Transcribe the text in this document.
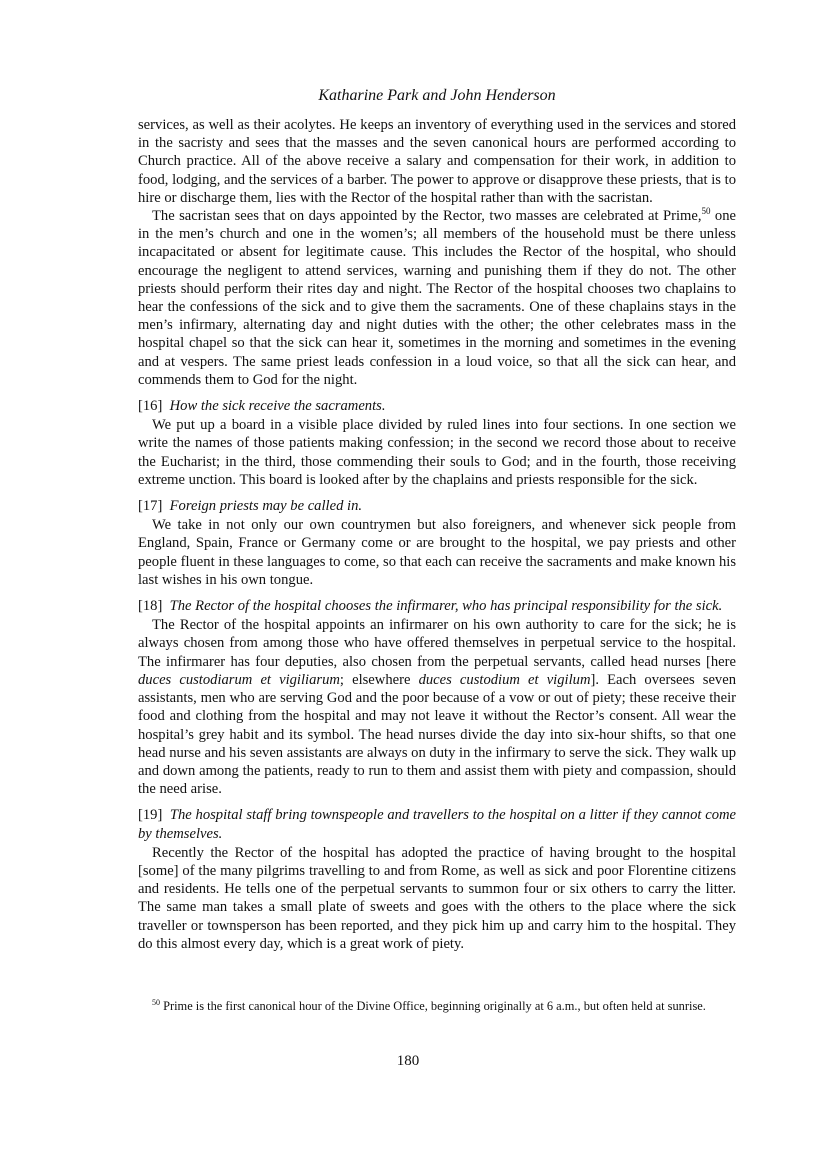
Katharine Park and John Henderson

services, as well as their acolytes. He keeps an inventory of everything used in the services and stored in the sacristy and sees that the masses and the seven canonical hours are performed according to Church practice. All of the above receive a salary and compensation for their work, in addition to food, lodging, and the services of a barber. The power to approve or disapprove these priests, that is to hire or discharge them, lies with the Rector of the hospital rather than with the sacristan.

The sacristan sees that on days appointed by the Rector, two masses are celebrated at Prime,$^{50}$ one in the men’s church and one in the women’s; all members of the household must be there unless incapacitated or absent for legitimate cause. This includes the Rector of the hospital, who should encourage the negligent to attend services, warning and punishing them if they do not. The other priests should perform their rites day and night. The Rector of the hospital chooses two chaplains to hear the confessions of the sick and to give them the sacraments. One of these chaplains stays in the men’s infirmary, alternating day and night duties with the other; the other celebrates mass in the hospital chapel so that the sick can hear it, sometimes in the morning and sometimes in the evening and at vespers. The same priest leads confession in a loud voice, so that all the sick can hear, and commends them to God for the night.

[16] How the sick receive the sacraments.

We put up a board in a visible place divided by ruled lines into four sections. In one section we write the names of those patients making confession; in the second we record those about to receive the Eucharist; in the third, those commending their souls to God; and in the fourth, those receiving extreme unction. This board is looked after by the chaplains and priests responsible for the sick.

[17] Foreign priests may be called in.

We take in not only our own countrymen but also foreigners, and whenever sick people from England, Spain, France or Germany come or are brought to the hospital, we pay priests and other people fluent in these languages to come, so that each can receive the sacraments and make known his last wishes in his own tongue.

[18] The Rector of the hospital chooses the infirmarer, who has principal responsibility for the sick.

The Rector of the hospital appoints an infirmarer on his own authority to care for the sick; he is always chosen from among those who have offered themselves in perpetual service to the hospital. The infirmarer has four deputies, also chosen from the perpetual servants, called head nurses [here duces custodiarum et vigiliarum; elsewhere duces custodium et vigilum]. Each oversees seven assistants, men who are serving God and the poor because of a vow or out of piety; these receive their food and clothing from the hospital and may not leave it without the Rector’s consent. All wear the hospital’s grey habit and its symbol. The head nurses divide the day into six-hour shifts, so that one head nurse and his seven assistants are always on duty in the infirmary to serve the sick. They walk up and down among the patients, ready to run to them and assist them with piety and compassion, should the need arise.

[19] The hospital staff bring townspeople and travellers to the hospital on a litter if they cannot come by themselves.

Recently the Rector of the hospital has adopted the practice of having brought to the hospital [some] of the many pilgrims travelling to and from Rome, as well as sick and poor Florentine citizens and residents. He tells one of the perpetual servants to summon four or six others to carry the litter. The same man takes a small plate of sweets and goes with the others to the place where the sick traveller or townsperson has been reported, and they pick him up and carry him to the hospital. They do this almost every day, which is a great work of piety.

$^{50}$ Prime is the first canonical hour of the Divine Office, beginning originally at 6 a.m., but often held at sunrise.

180
